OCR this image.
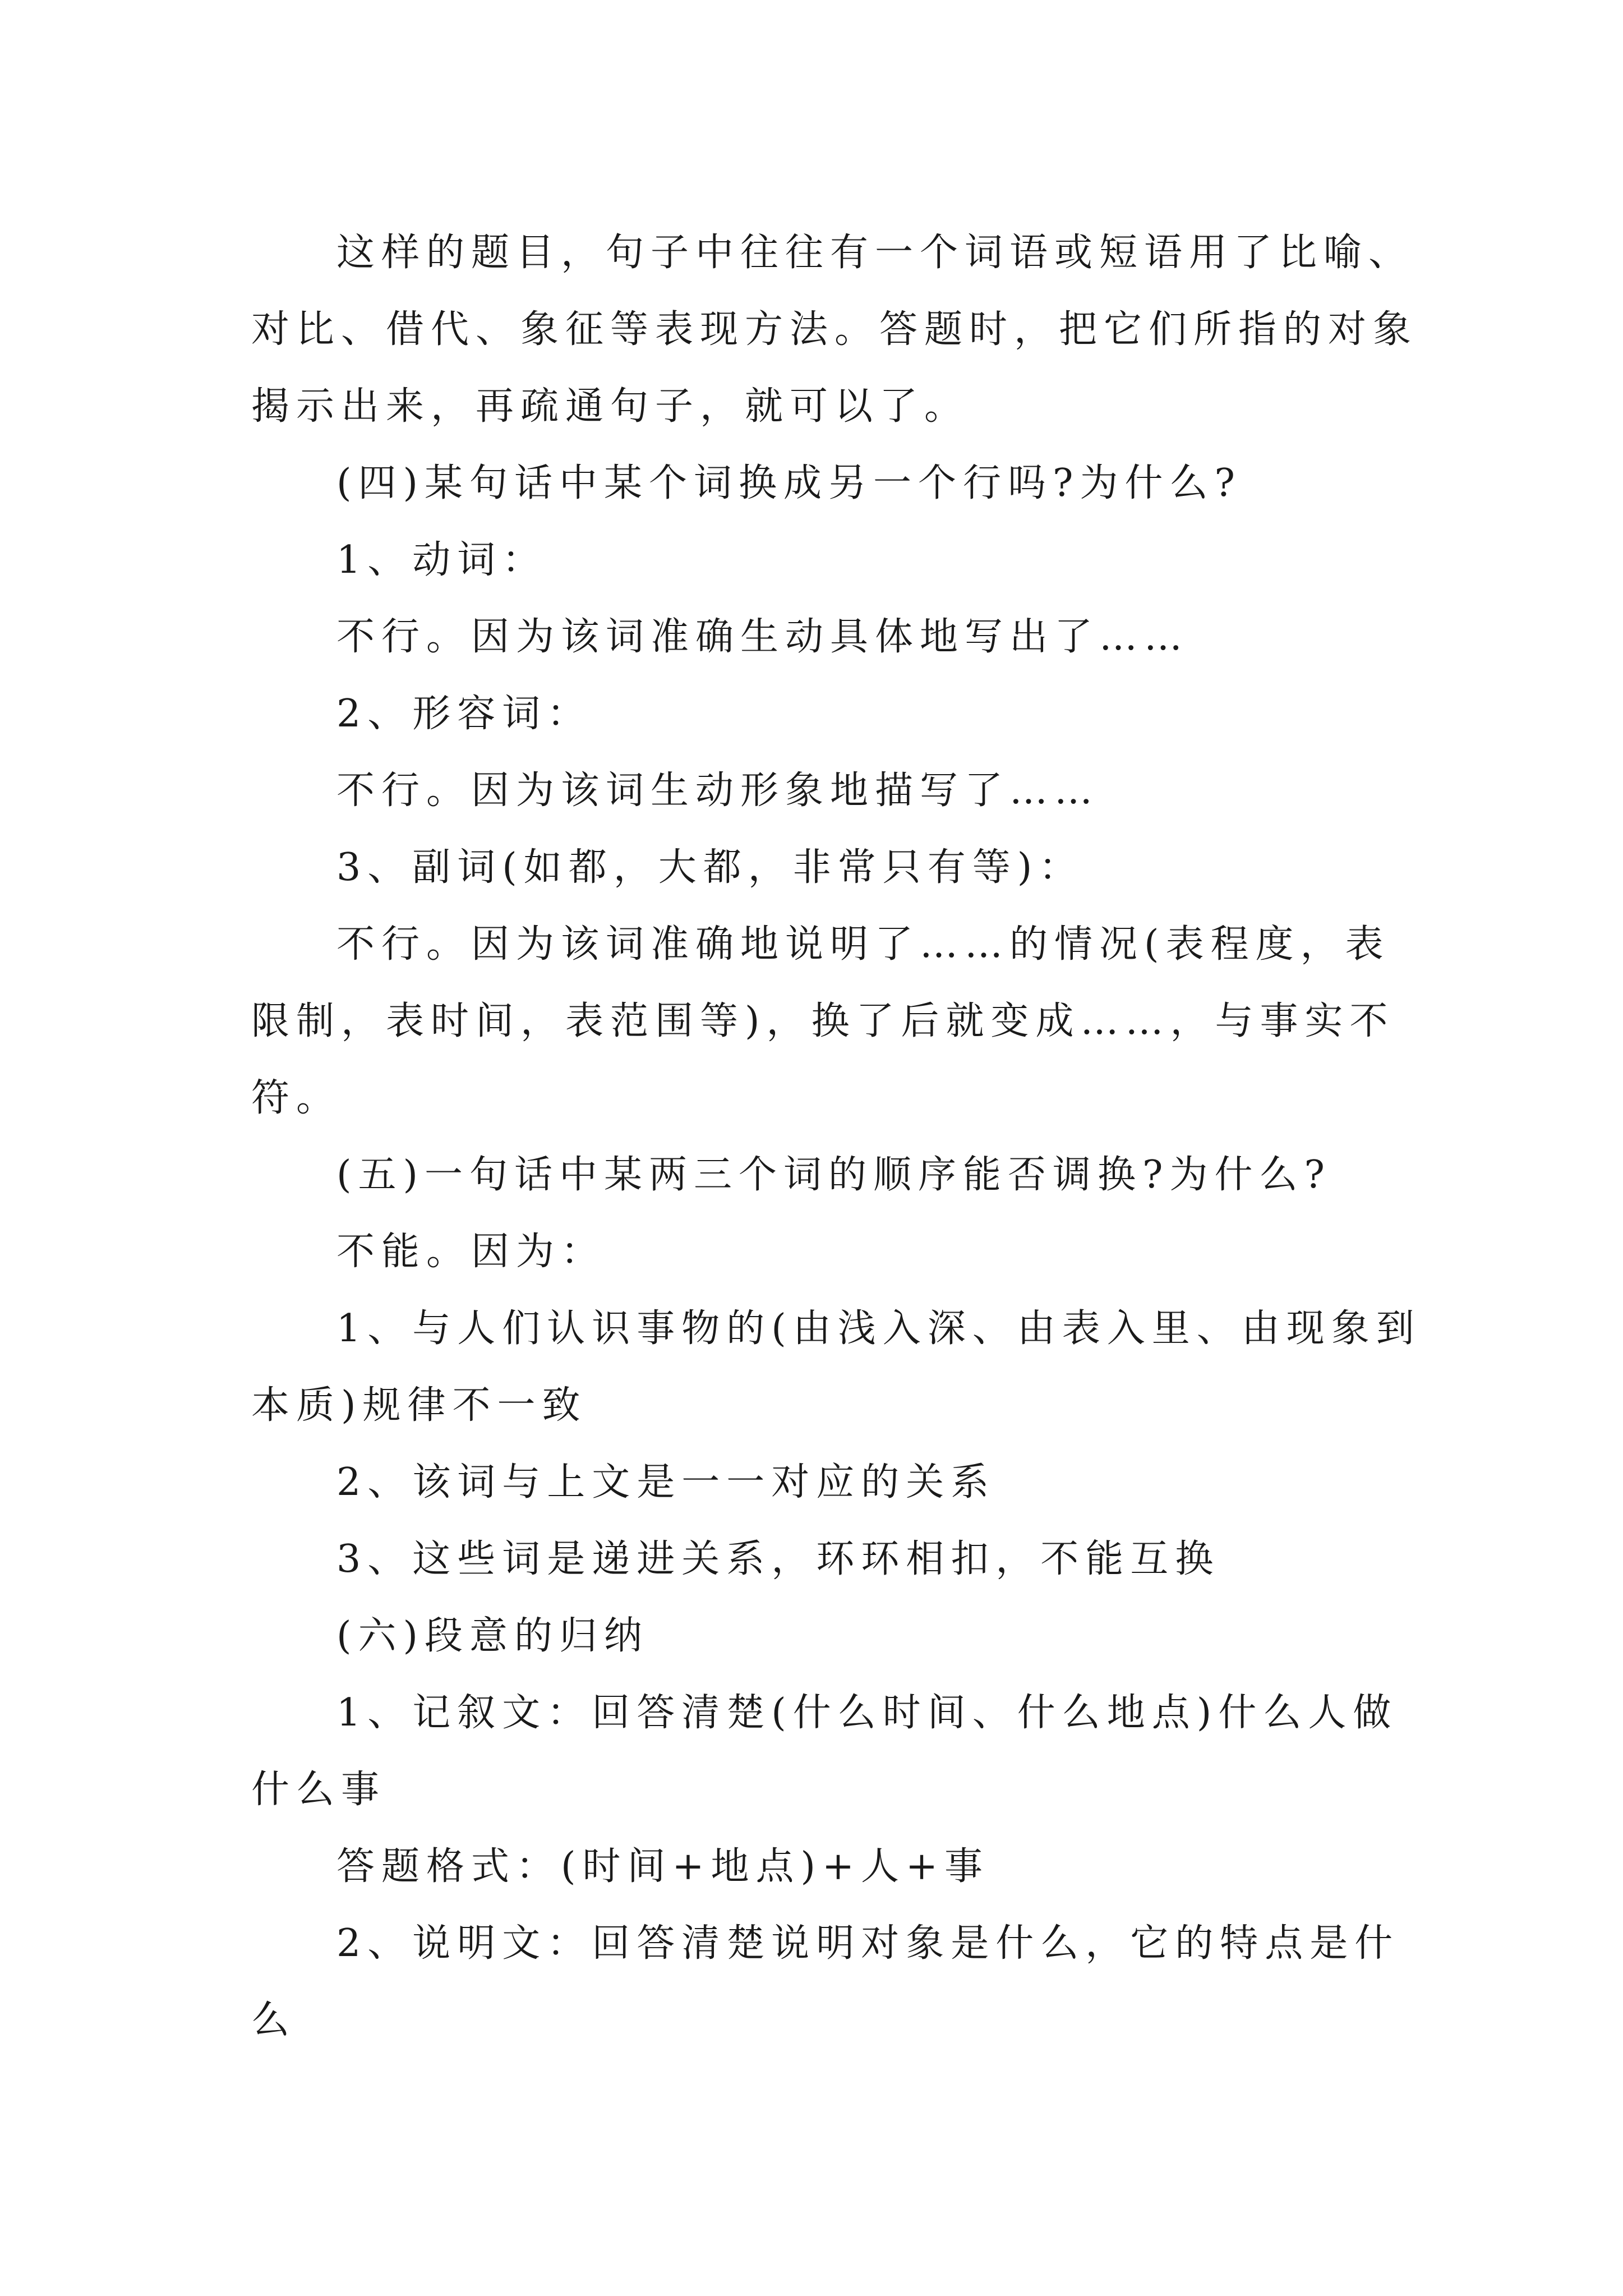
这样的题目，句子中往往有一个词语或短语用了比喻、
对比、借代、象征等表现方法。答题时，把它们所指的对象
揭示出来，再疏通句子，就可以了。
(四)某句话中某个词换成另一个行吗?为什么?
1、动词：
不行。因为该词准确生动具体地写出了……
2、形容词：
不行。因为该词生动形象地描写了……
3、副词(如都，大都，非常只有等)：
不行。因为该词准确地说明了……的情况(表程度，表
限制，表时间，表范围等)，换了后就变成……，与事实不
符。
(五)一句话中某两三个词的顺序能否调换?为什么?
不能。因为：
1、与人们认识事物的(由浅入深、由表入里、由现象到
本质)规律不一致
2、该词与上文是一一对应的关系
3、这些词是递进关系，环环相扣，不能互换
(六)段意的归纳
1、记叙文：回答清楚(什么时间、什么地点)什么人做
什么事
答题格式：(时间+地点)+人+事
2、说明文：回答清楚说明对象是什么，它的特点是什
么
